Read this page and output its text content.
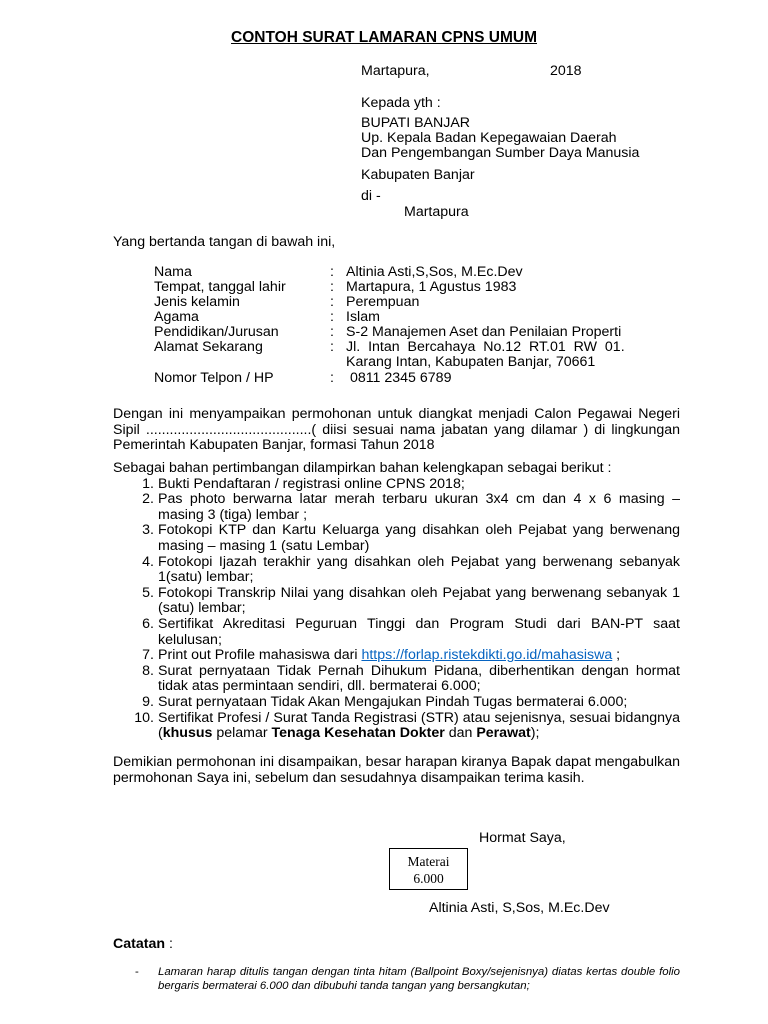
CONTOH SURAT LAMARAN CPNS UMUM
Martapura,	2018
Kepada yth :
BUPATI BANJAR
Up. Kepala Badan Kepegawaian Daerah
Dan Pengembangan Sumber Daya Manusia
Kabupaten Banjar
di -
Martapura
Yang bertanda tangan di bawah ini,
Nama	: Altinia Asti,S,Sos, M.Ec.Dev
Tempat, tanggal lahir	: Martapura, 1 Agustus 1983
Jenis kelamin	: Perempuan
Agama	: Islam
Pendidikan/Jurusan	: S-2 Manajemen Aset dan Penilaian Properti
Alamat Sekarang	: Jl.  Intan  Bercahaya  No.12  RT.01  RW  01.
Karang Intan, Kabupaten Banjar, 70661
Nomor Telpon / HP	: 0811 2345 6789

Dengan ini menyampaikan permohonan untuk diangkat menjadi Calon Pegawai Negeri Sipil ..........................................( diisi sesuai nama jabatan yang dilamar ) di lingkungan Pemerintah Kabupaten Banjar, formasi Tahun 2018

Sebagai bahan pertimbangan dilampirkan bahan kelengkapan sebagai berikut :
1. Bukti Pendaftaran / registrasi online CPNS 2018;
2. Pas photo berwarna latar merah terbaru ukuran 3x4 cm dan 4 x 6 masing – masing 3 (tiga) lembar ;
3. Fotokopi KTP dan Kartu Keluarga yang disahkan oleh Pejabat yang berwenang masing – masing 1 (satu Lembar)
4. Fotokopi Ijazah terakhir yang disahkan oleh Pejabat yang berwenang sebanyak 1(satu) lembar;
5. Fotokopi Transkrip Nilai yang disahkan oleh Pejabat yang berwenang sebanyak 1 (satu) lembar;
6. Sertifikat Akreditasi Peguruan Tinggi dan Program Studi dari BAN-PT saat kelulusan;
7. Print out Profile mahasiswa dari https://forlap.ristekdikti.go.id/mahasiswa ;
8. Surat pernyataan Tidak Pernah Dihukum Pidana, diberhentikan dengan hormat tidak atas permintaan sendiri, dll. bermaterai 6.000;
9. Surat pernyataan Tidak Akan Mengajukan Pindah Tugas bermaterai 6.000;
10. Sertifikat Profesi / Surat Tanda Registrasi (STR) atau sejenisnya, sesuai bidangnya (khusus pelamar Tenaga Kesehatan Dokter dan Perawat);

Demikian permohonan ini disampaikan, besar harapan kiranya Bapak dapat mengabulkan permohonan Saya ini, sebelum dan sesudahnya disampaikan terima kasih.

Hormat Saya,
Materai
6.000
Altinia Asti, S,Sos, M.Ec.Dev
Catatan :
-	Lamaran harap ditulis tangan dengan tinta hitam (Ballpoint Boxy/sejenisnya) diatas kertas double folio bergaris bermaterai 6.000 dan dibubuhi tanda tangan yang bersangkutan;
